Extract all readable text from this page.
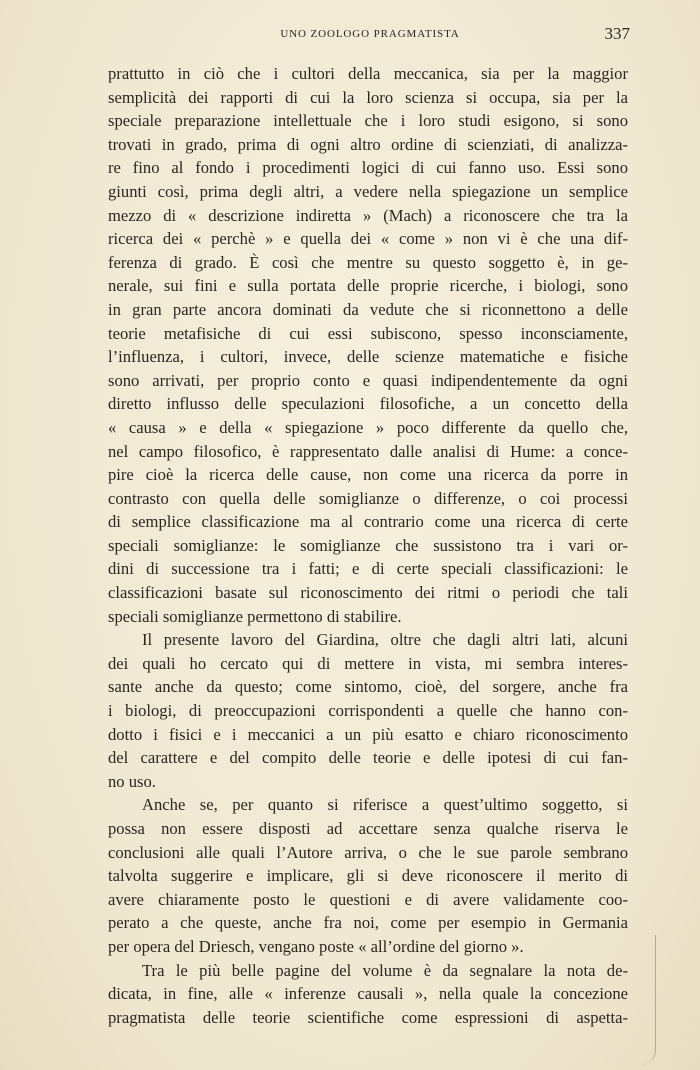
UNO ZOOLOGO PRAGMATISTA	337
prattutto in ciò che i cultori della meccanica, sia per la maggior
semplicità dei rapporti di cui la loro scienza si occupa, sia per la
speciale preparazione intellettuale che i loro studi esigono, si sono
trovati in grado, prima di ogni altro ordine di scienziati, di analizza-
re fino al fondo i procedimenti logici di cui fanno uso. Essi sono
giunti così, prima degli altri, a vedere nella spiegazione un semplice
mezzo di « descrizione indiretta » (Mach) a riconoscere che tra la
ricerca dei « perchè » e quella dei « come » non vi è che una dif-
ferenza di grado. È così che mentre su questo soggetto è, in ge-
nerale, sui fini e sulla portata delle proprie ricerche, i biologi, sono
in gran parte ancora dominati da vedute che si riconnettono a delle
teorie metafisiche di cui essi subiscono, spesso inconsciamente,
l’influenza, i cultori, invece, delle scienze matematiche e fisiche
sono arrivati, per proprio conto e quasi indipendentemente da ogni
diretto influsso delle speculazioni filosofiche, a un concetto della
« causa » e della « spiegazione » poco differente da quello che,
nel campo filosofico, è rappresentato dalle analisi di Hume: a conce-
pire cioè la ricerca delle cause, non come una ricerca da porre in
contrasto con quella delle somiglianze o differenze, o coi processi
di semplice classificazione ma al contrario come una ricerca di certe
speciali somiglianze: le somiglianze che sussistono tra i vari or-
dini di successione tra i fatti; e di certe speciali classificazioni: le
classificazioni basate sul riconoscimento dei ritmi o periodi che tali
speciali somiglianze permettono di stabilire.
Il presente lavoro del Giardina, oltre che dagli altri lati, alcuni
dei quali ho cercato qui di mettere in vista, mi sembra interes-
sante anche da questo; come sintomo, cioè, del sorgere, anche fra
i biologi, di preoccupazioni corrispondenti a quelle che hanno con-
dotto i fisici e i meccanici a un più esatto e chiaro riconoscimento
del carattere e del compito delle teorie e delle ipotesi di cui fan-
no uso.
Anche se, per quanto si riferisce a quest’ultimo soggetto, si
possa non essere disposti ad accettare senza qualche riserva le
conclusioni alle quali l’Autore arriva, o che le sue parole sembrano
talvolta suggerire e implicare, gli si deve riconoscere il merito di
avere chiaramente posto le questioni e di avere validamente coo-
perato a che queste, anche fra noi, come per esempio in Germania
per opera del Driesch, vengano poste « all’ordine del giorno ».
Tra le più belle pagine del volume è da segnalare la nota de-
dicata, in fine, alle « inferenze causali », nella quale la concezione
pragmatista delle teorie scientifiche come espressioni di aspetta-
